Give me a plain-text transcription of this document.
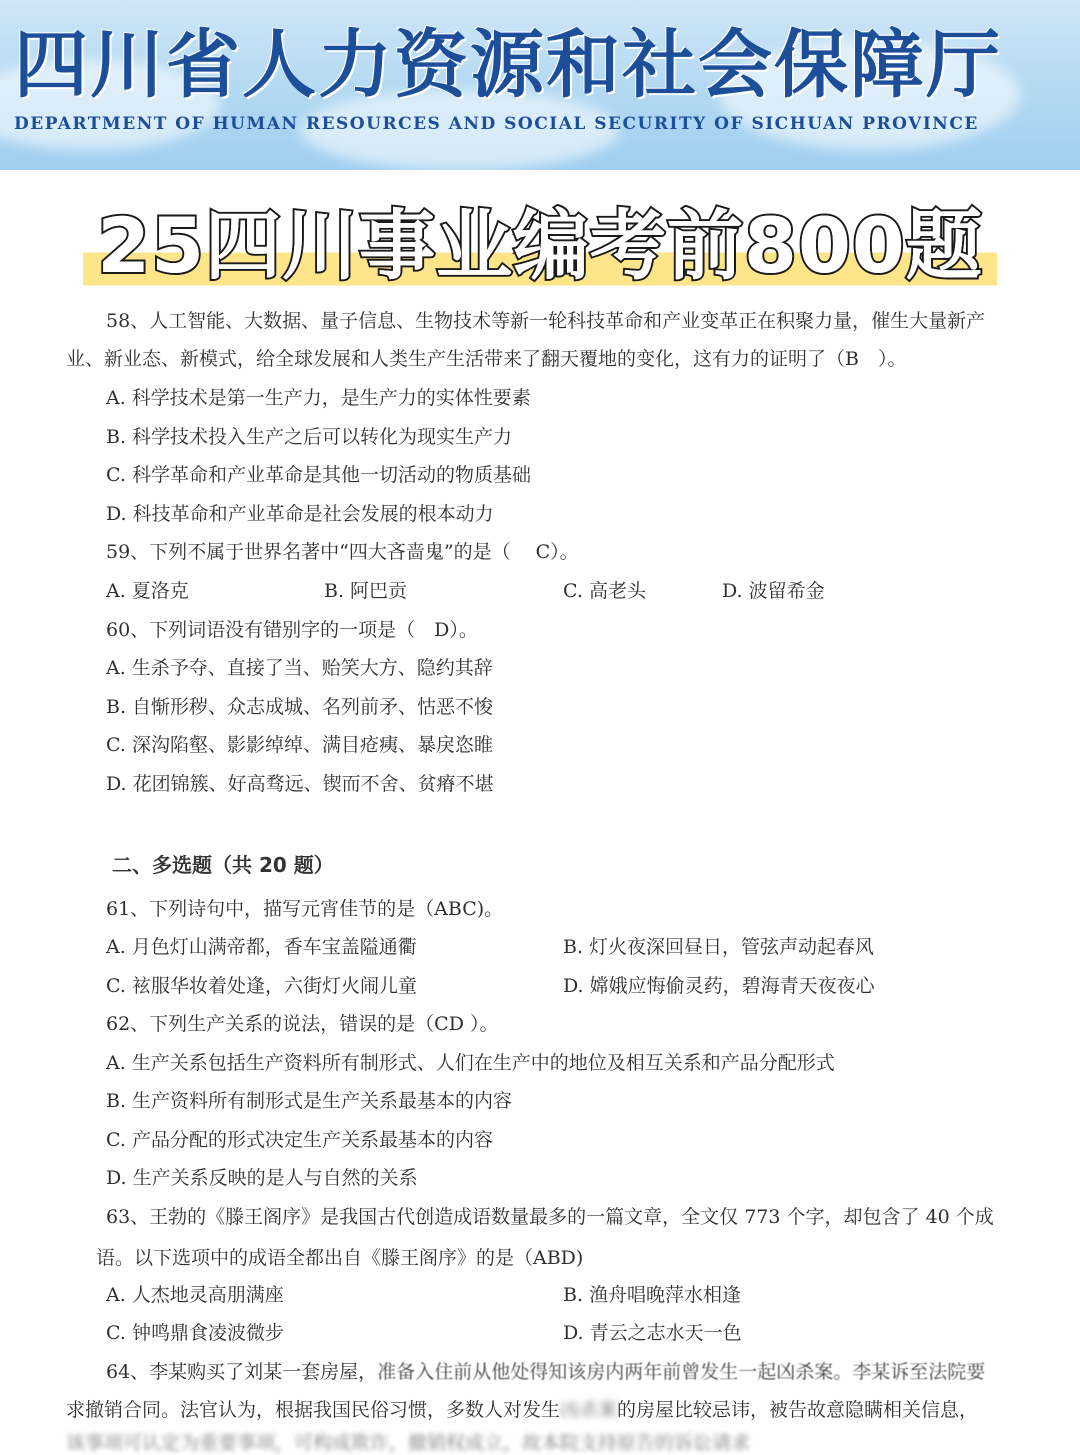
四川省人力资源和社会保障厅
DEPARTMENT OF HUMAN RESOURCES AND SOCIAL SECURITY OF SICHUAN PROVINCE
25四川事业编考前800题
58、人工智能、大数据、量子信息、生物技术等新一轮科技革命和产业变革正在积聚力量，催生大量新产
业、新业态、新模式，给全球发展和人类生产生活带来了翻天覆地的变化，这有力的证明了（B　）。
A. 科学技术是第一生产力，是生产力的实体性要素
B. 科学技术投入生产之后可以转化为现实生产力
C. 科学革命和产业革命是其他一切活动的物质基础
D. 科技革命和产业革命是社会发展的根本动力
59、下列不属于世界名著中“四大吝啬鬼”的是（　 C）。
A. 夏洛克	B. 阿巴贡	C. 高老头	D. 波留希金
60、下列词语没有错别字的一项是（　D）。
A. 生杀予夺、直接了当、贻笑大方、隐约其辞
B. 自惭形秽、众志成城、名列前矛、怙恶不悛
C. 深沟陷壑、影影绰绰、满目疮痍、暴戾恣睢
D. 花团锦簇、好高骛远、锲而不舍、贫瘠不堪
二、多选题（共 20 题）
61、下列诗句中，描写元宵佳节的是（ABC)。
A. 月色灯山满帝都，香车宝盖隘通衢	B. 灯火夜深回昼日，管弦声动起春风
C. 袨服华妆着处逢，六街灯火闹儿童	D. 嫦娥应悔偷灵药，碧海青天夜夜心
62、下列生产关系的说法，错误的是（CD ）。
A. 生产关系包括生产资料所有制形式、人们在生产中的地位及相互关系和产品分配形式
B. 生产资料所有制形式是生产关系最基本的内容
C. 产品分配的形式决定生产关系最基本的内容
D. 生产关系反映的是人与自然的关系
63、王勃的《滕王阁序》是我国古代创造成语数量最多的一篇文章，全文仅 773 个字，却包含了 40 个成
语。以下选项中的成语全都出自《滕王阁序》的是（ABD)
A. 人杰地灵高朋满座	B. 渔舟唱晚萍水相逢
C. 钟鸣鼎食凌波微步	D. 青云之志水天一色
64、李某购买了刘某一套房屋，准备入住前从他处得知该房内两年前曾发生一起凶杀案。李某诉至法院要
求撤销合同。法官认为，根据我国民俗习惯，多数人对发生凶杀案的房屋比较忌讳，被告故意隐瞒相关信息，
该事项可认定为重要事项，可构成欺诈，撤销权成立，故本院支持原告的诉讼请求
